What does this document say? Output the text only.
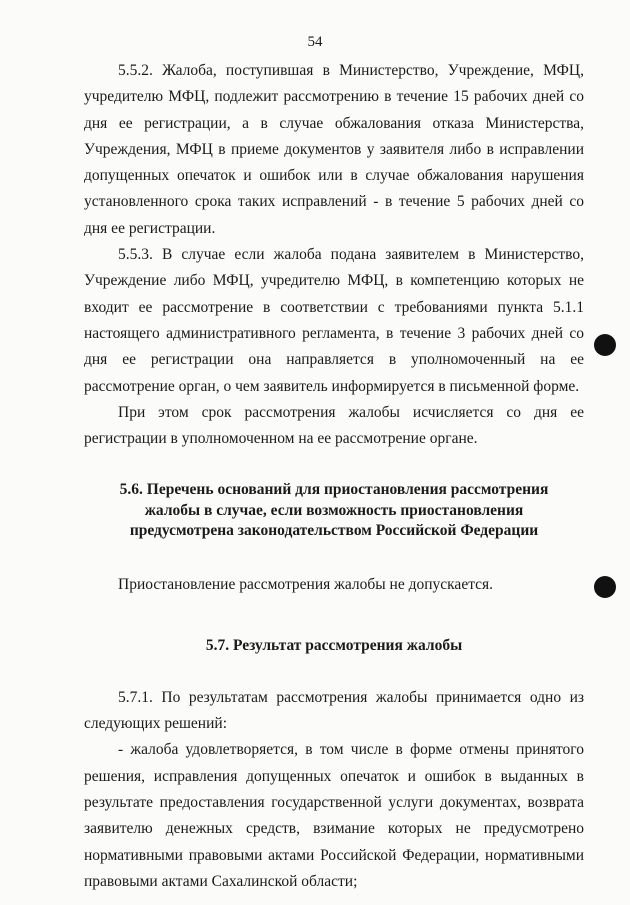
54

5.5.2. Жалоба, поступившая в Министерство, Учреждение, МФЦ, учредителю МФЦ, подлежит рассмотрению в течение 15 рабочих дней со дня ее регистрации, а в случае обжалования отказа Министерства, Учреждения, МФЦ в приеме документов у заявителя либо в исправлении допущенных опечаток и ошибок или в случае обжалования нарушения установленного срока таких исправлений - в течение 5 рабочих дней со дня ее регистрации.

5.5.3. В случае если жалоба подана заявителем в Министерство, Учреждение либо МФЦ, учредителю МФЦ, в компетенцию которых не входит ее рассмотрение в соответствии с требованиями пункта 5.1.1 настоящего административного регламента, в течение 3 рабочих дней со дня ее регистрации она направляется в уполномоченный на ее рассмотрение орган, о чем заявитель информируется в письменной форме.

При этом срок рассмотрения жалобы исчисляется со дня ее регистрации в уполномоченном на ее рассмотрение органе.

5.6. Перечень оснований для приостановления рассмотрения жалобы в случае, если возможность приостановления предусмотрена законодательством Российской Федерации

Приостановление рассмотрения жалобы не допускается.

5.7. Результат рассмотрения жалобы

5.7.1. По результатам рассмотрения жалобы принимается одно из следующих решений:

- жалоба удовлетворяется, в том числе в форме отмены принятого решения, исправления допущенных опечаток и ошибок в выданных в результате предоставления государственной услуги документах, возврата заявителю денежных средств, взимание которых не предусмотрено нормативными правовыми актами Российской Федерации, нормативными правовыми актами Сахалинской области;
